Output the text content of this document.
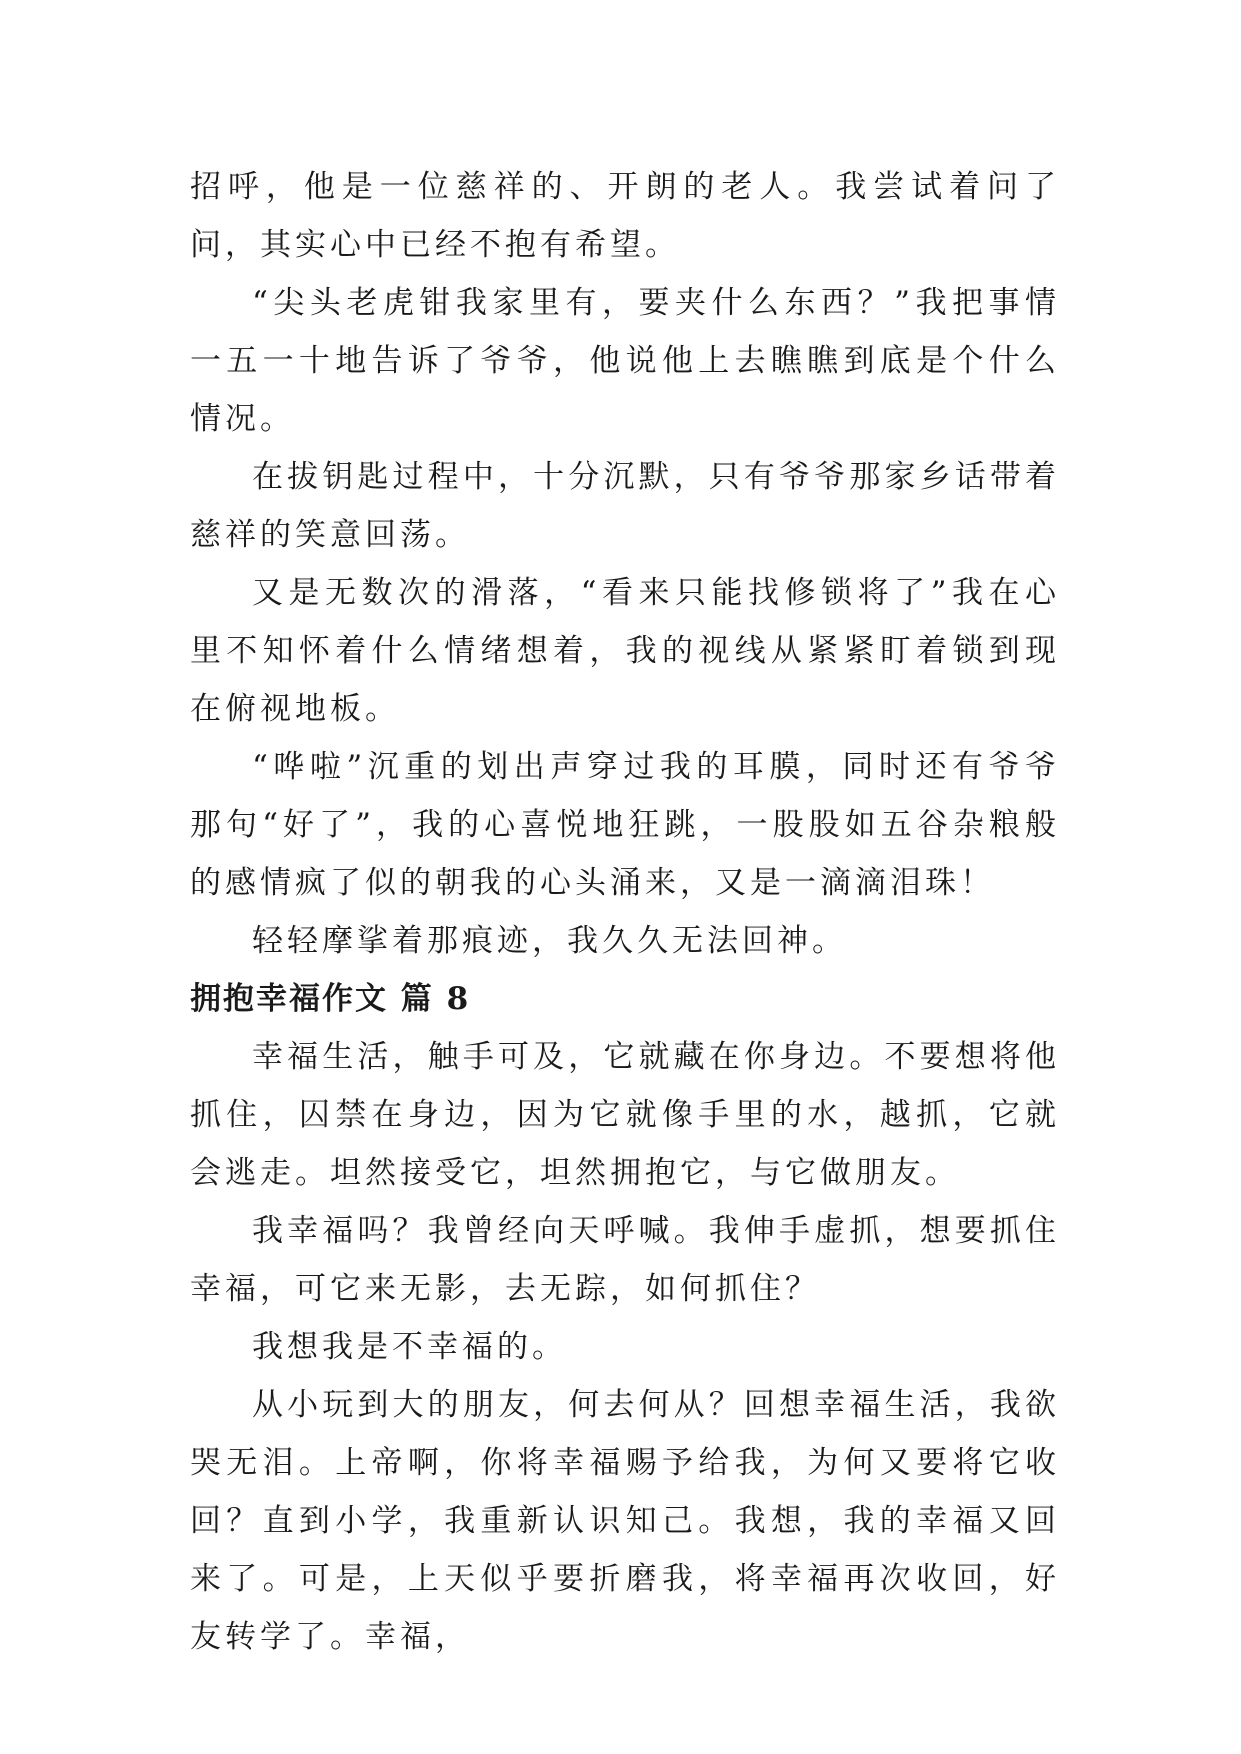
招呼，他是一位慈祥的、开朗的老人。我尝试着问了问，其实心中已经不抱有希望。

“尖头老虎钳我家里有，要夹什么东西？”我把事情一五一十地告诉了爷爷，他说他上去瞧瞧到底是个什么情况。

在拔钥匙过程中，十分沉默，只有爷爷那家乡话带着慈祥的笑意回荡。

又是无数次的滑落，“看来只能找修锁将了”我在心里不知怀着什么情绪想着，我的视线从紧紧盯着锁到现在俯视地板。

“哗啦”沉重的划出声穿过我的耳膜，同时还有爷爷那句“好了”，我的心喜悦地狂跳，一股股如五谷杂粮般的感情疯了似的朝我的心头涌来，又是一滴滴泪珠！

轻轻摩挲着那痕迹，我久久无法回神。

拥抱幸福作文 篇 8

幸福生活，触手可及，它就藏在你身边。不要想将他抓住，囚禁在身边，因为它就像手里的水，越抓，它就会逃走。坦然接受它，坦然拥抱它，与它做朋友。

我幸福吗？我曾经向天呼喊。我伸手虚抓，想要抓住幸福，可它来无影，去无踪，如何抓住？

我想我是不幸福的。

从小玩到大的朋友，何去何从？回想幸福生活，我欲哭无泪。上帝啊，你将幸福赐予给我，为何又要将它收回？直到小学，我重新认识知己。我想，我的幸福又回来了。可是，上天似乎要折磨我，将幸福再次收回，好友转学了。幸福，
